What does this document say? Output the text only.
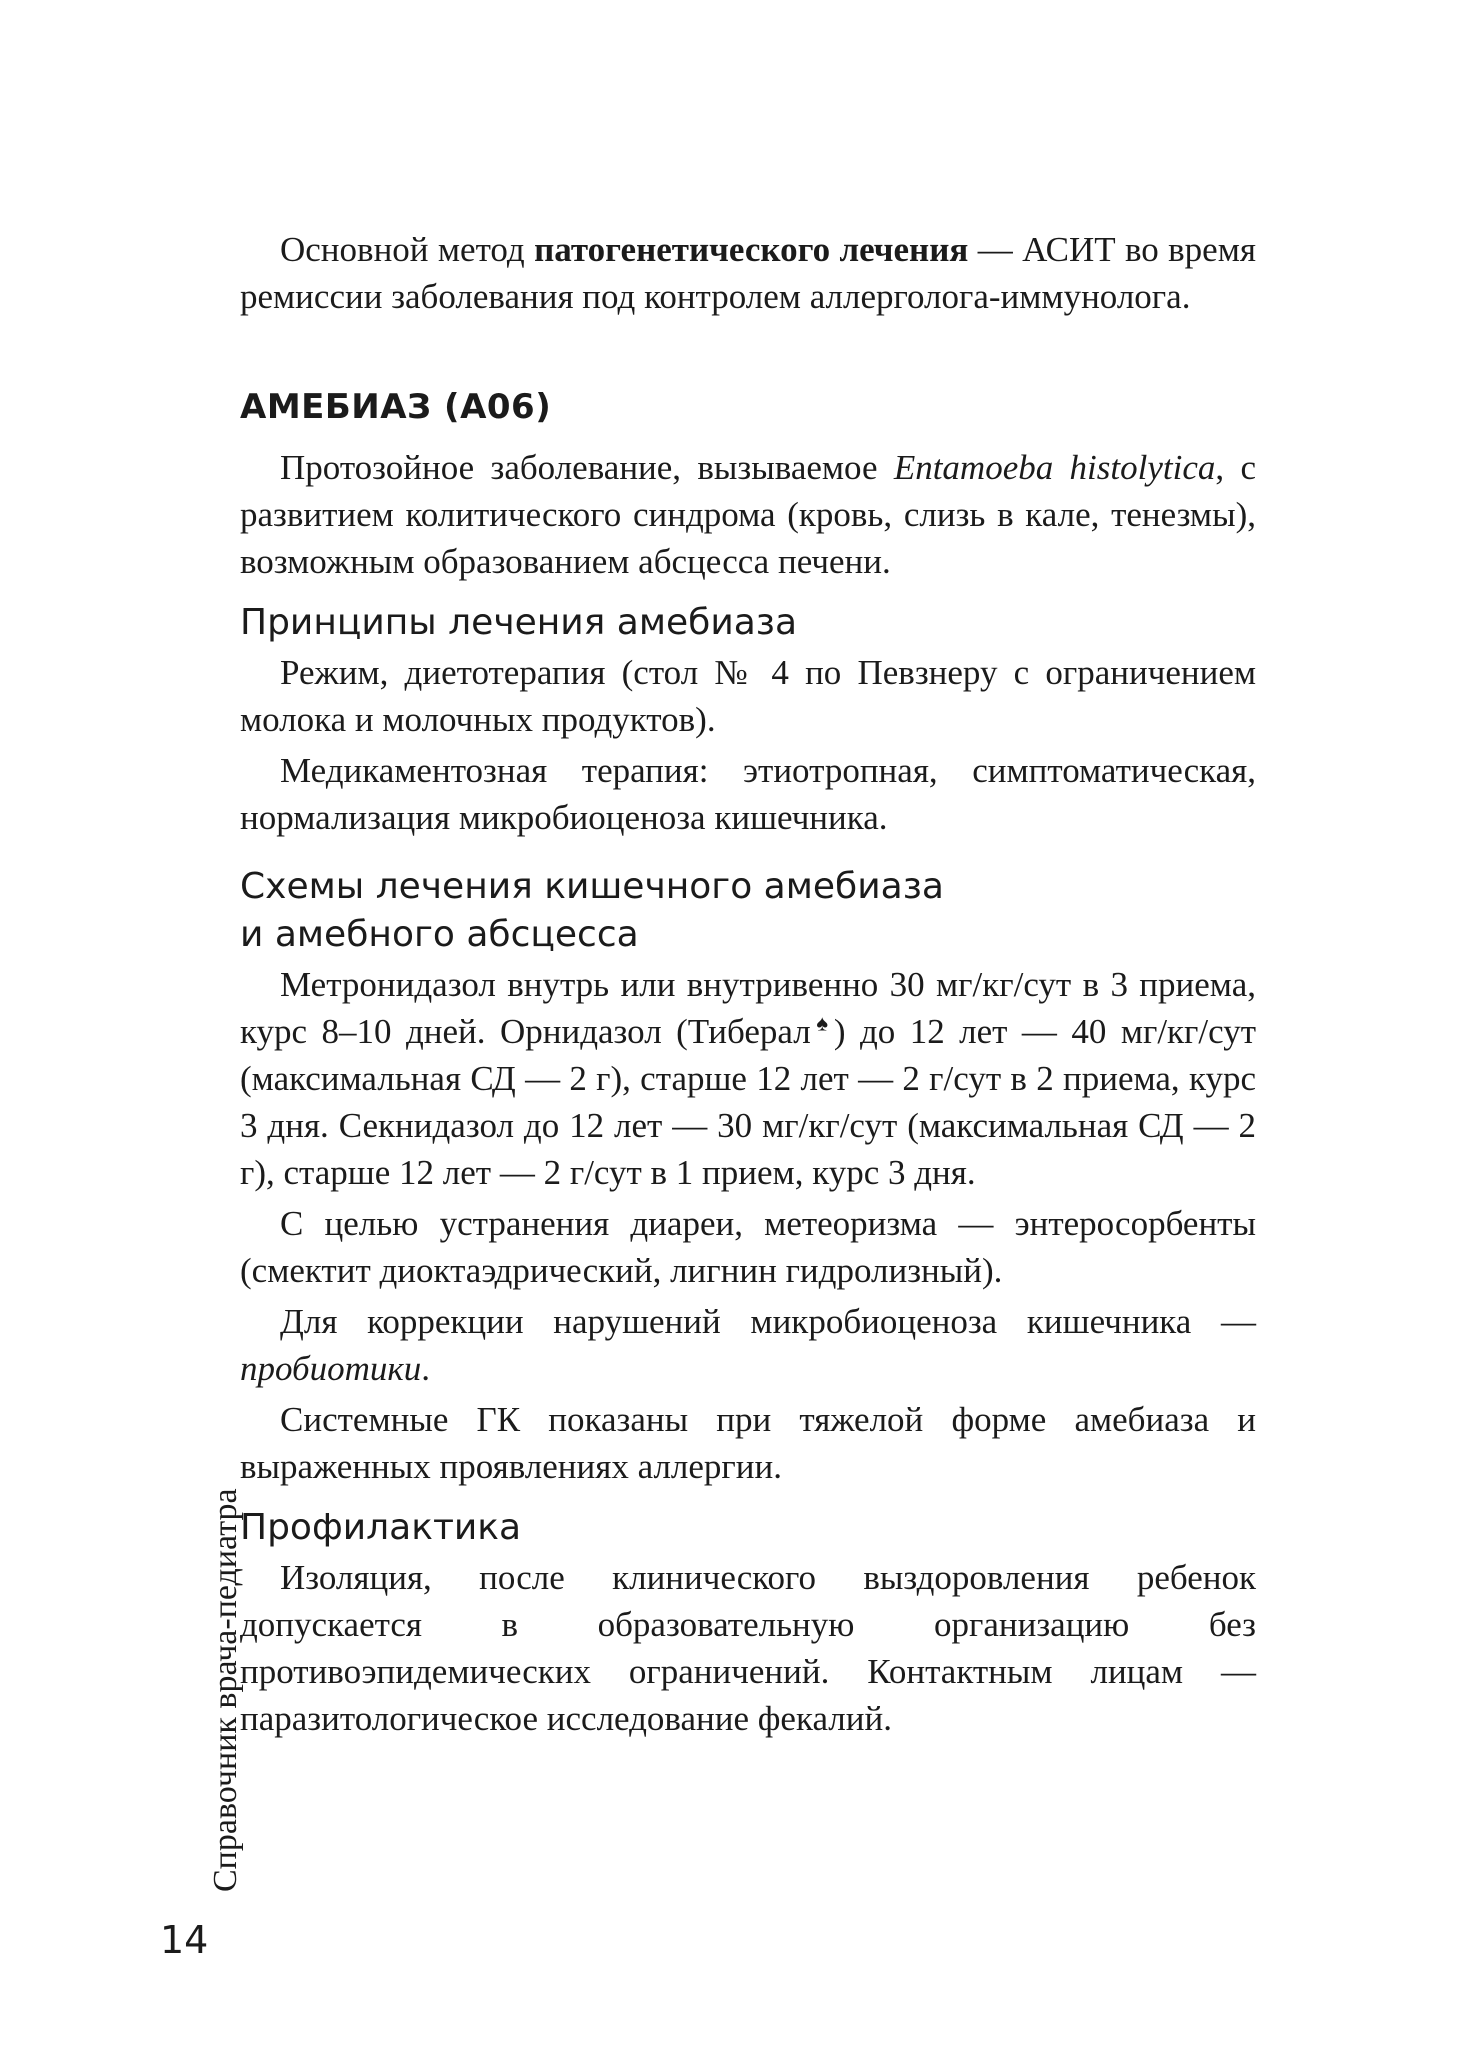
Основной метод патогенетического лечения — АСИТ во время ремиссии заболевания под контролем аллерголога-иммунолога.

АМЕБИАЗ (А06)

Протозойное заболевание, вызываемое Entamoeba histolytica, с развитием колитического синдрома (кровь, слизь в кале, тенезмы), возможным образованием абсцесса печени.

Принципы лечения амебиаза

Режим, диетотерапия (стол № 4 по Певзнеру с ограничением молока и молочных продуктов).

Медикаментозная терапия: этиотропная, симптоматическая, нормализация микробиоценоза кишечника.

Схемы лечения кишечного амебиаза
и амебного абсцесса

Метронидазол внутрь или внутривенно 30 мг/кг/сут в 3 приема, курс 8–10 дней. Орнидазол (Тиберал♠) до 12 лет — 40 мг/кг/сут (максимальная СД — 2 г), старше 12 лет — 2 г/сут в 2 приема, курс 3 дня. Секнидазол до 12 лет — 30 мг/кг/сут (максимальная СД — 2 г), старше 12 лет — 2 г/сут в 1 прием, курс 3 дня.

С целью устранения диареи, метеоризма — энтеросорбенты (смектит диоктаэдрический, лигнин гидролизный).

Для коррекции нарушений микробиоценоза кишечника — пробиотики.

Системные ГК показаны при тяжелой форме амебиаза и выраженных проявлениях аллергии.

Профилактика

Изоляция, после клинического выздоровления ребенок допускается в образовательную организацию без противоэпидемических ограничений. Контактным лицам — паразитологическое исследование фекалий.

Справочник врача-педиатра
14
